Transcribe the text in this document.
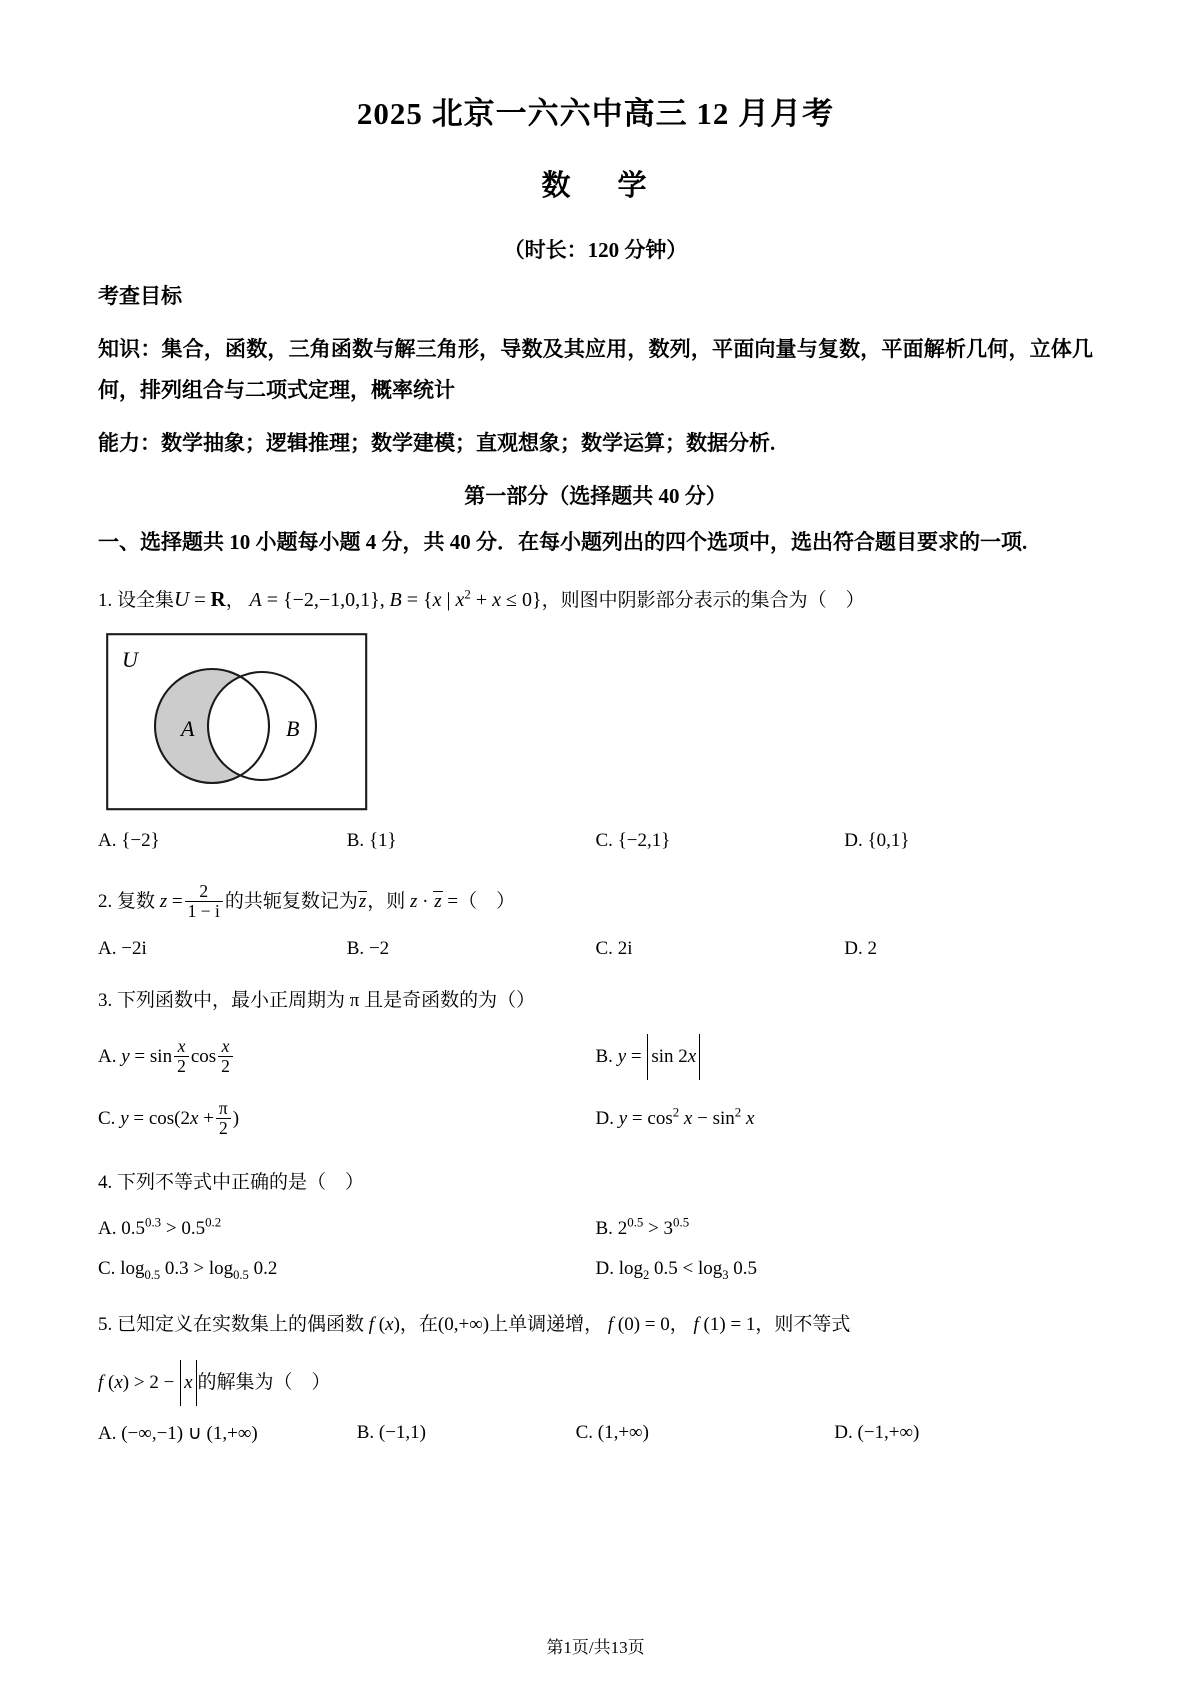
2025 北京一六六中高三 12 月月考
数 学
（时长：120 分钟）
考查目标
知识：集合，函数，三角函数与解三角形，导数及其应用，数列，平面向量与复数，平面解析几何，立体几何，排列组合与二项式定理，概率统计
能力：数学抽象；逻辑推理；数学建模；直观想象；数学运算；数据分析.
第一部分（选择题共 40 分）
一、选择题共 10 小题每小题 4 分，共 40 分．在每小题列出的四个选项中，选出符合题目要求的一项.
1. 设全集U = R， A = {−2,−1,0,1}, B = {x | $x^2 + x \le 0$}，则图中阴影部分表示的集合为（　）
U
A	B
A. {−2}	B. {1}	C. {−2,1}	D. {0,1}
2. 复数 $z = \frac{2}{1 - i}$ 的共轭复数记为z，则 z · z =（　）
A. −2i	B. −2	C. 2i	D. 2
3. 下列函数中，最小正周期为 π 且是奇函数的为（）
A. $y = \sin \frac{x}{2}$ $\cos \frac{x}{2}$	B. y = sin 2x
C. $y = \cos(2x + \frac{\pi}{2}$ )	D. $y = \cos^2 x - \sin^2 x$
4. 下列不等式中正确的是（　）
A. $0.5^{0.3} > 0.5^{0.2}$	B. $2^{0.5} > 3^{0.5}$
C. $\log_{0.5} 0.3 > \log_{0.5} 0.2$	D. $\log_2 0.5 < \log_3 0.5$
5. 已知定义在实数集上的偶函数 f (x)，在(0,+∞)上单调递增， f (0) = 0， f (1) = 1，则不等式
f (x) > 2 − x 的解集为（　）
A. (−∞,−1) ∪ (1,+∞)	B. (−1,1)	C. (1,+∞)	D. (−1,+∞)
第1页/共13页
